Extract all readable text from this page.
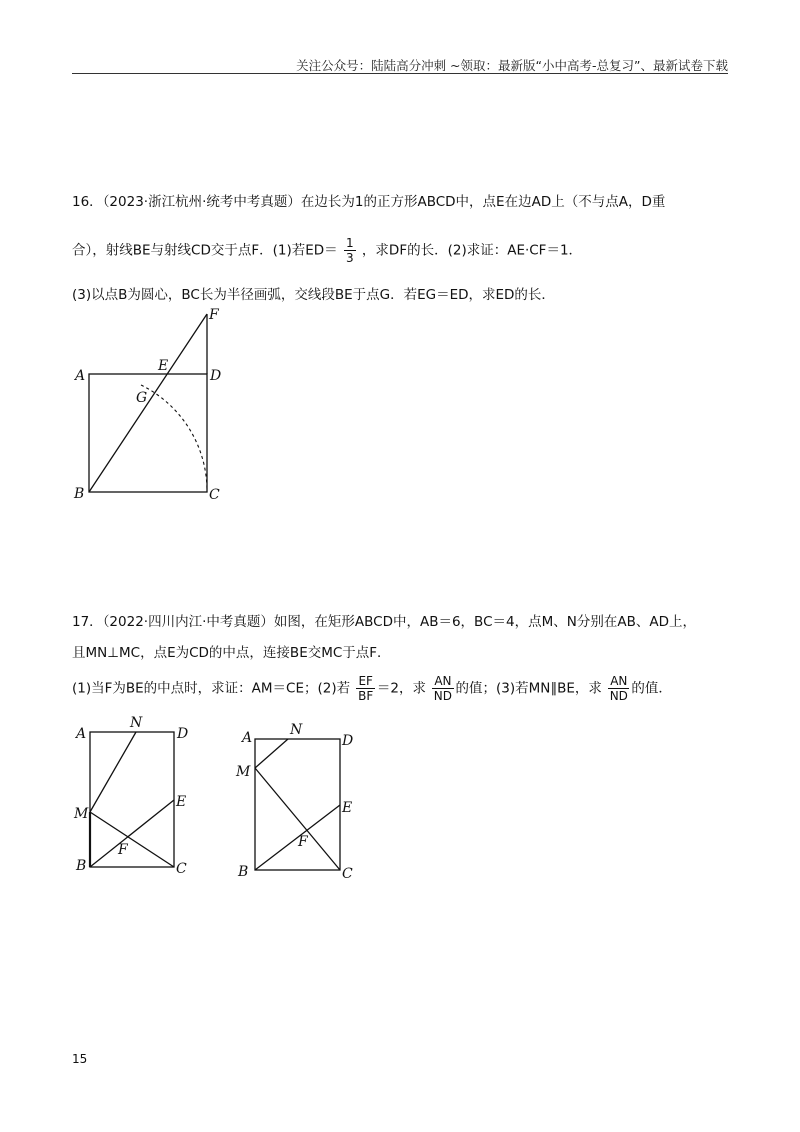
关注公众号：陆陆高分冲刺 ~领取：最新版“小中高考-总复习”、最新试卷下载
16．（2023·浙江杭州·统考中考真题）在边长为1的正方形ABCD中，点E在边AD上（不与点A，D重
合），射线BE与射线CD交于点F．(1)若$ED= \frac{1}{3}$ ，求DF的长．(2)求证：AE·CF＝1．
(3)以点B为圆心，BC长为半径画弧，交线段BE于点G．若EG＝ED，求ED的长．
A
B	C
D
E
F
G
17．（2022·四川内江·中考真题）如图，在矩形ABCD中，AB＝6，BC＝4，点M、N分别在AB、AD上，
且MN⊥MC，点E为CD的中点，连接BE交MC于点F．
(1)当F为BE的中点时，求证：AM＝CE；(2)若 $\frac{EF}{BF} =2$，求 $\frac{AN}{ND}$ 的值；(3)若MN∥BE，求 $\frac{AN}{ND}$ 的值．
A
N
D
M
E
F
B	C
A	N
D
M
E
F
B	C
15
